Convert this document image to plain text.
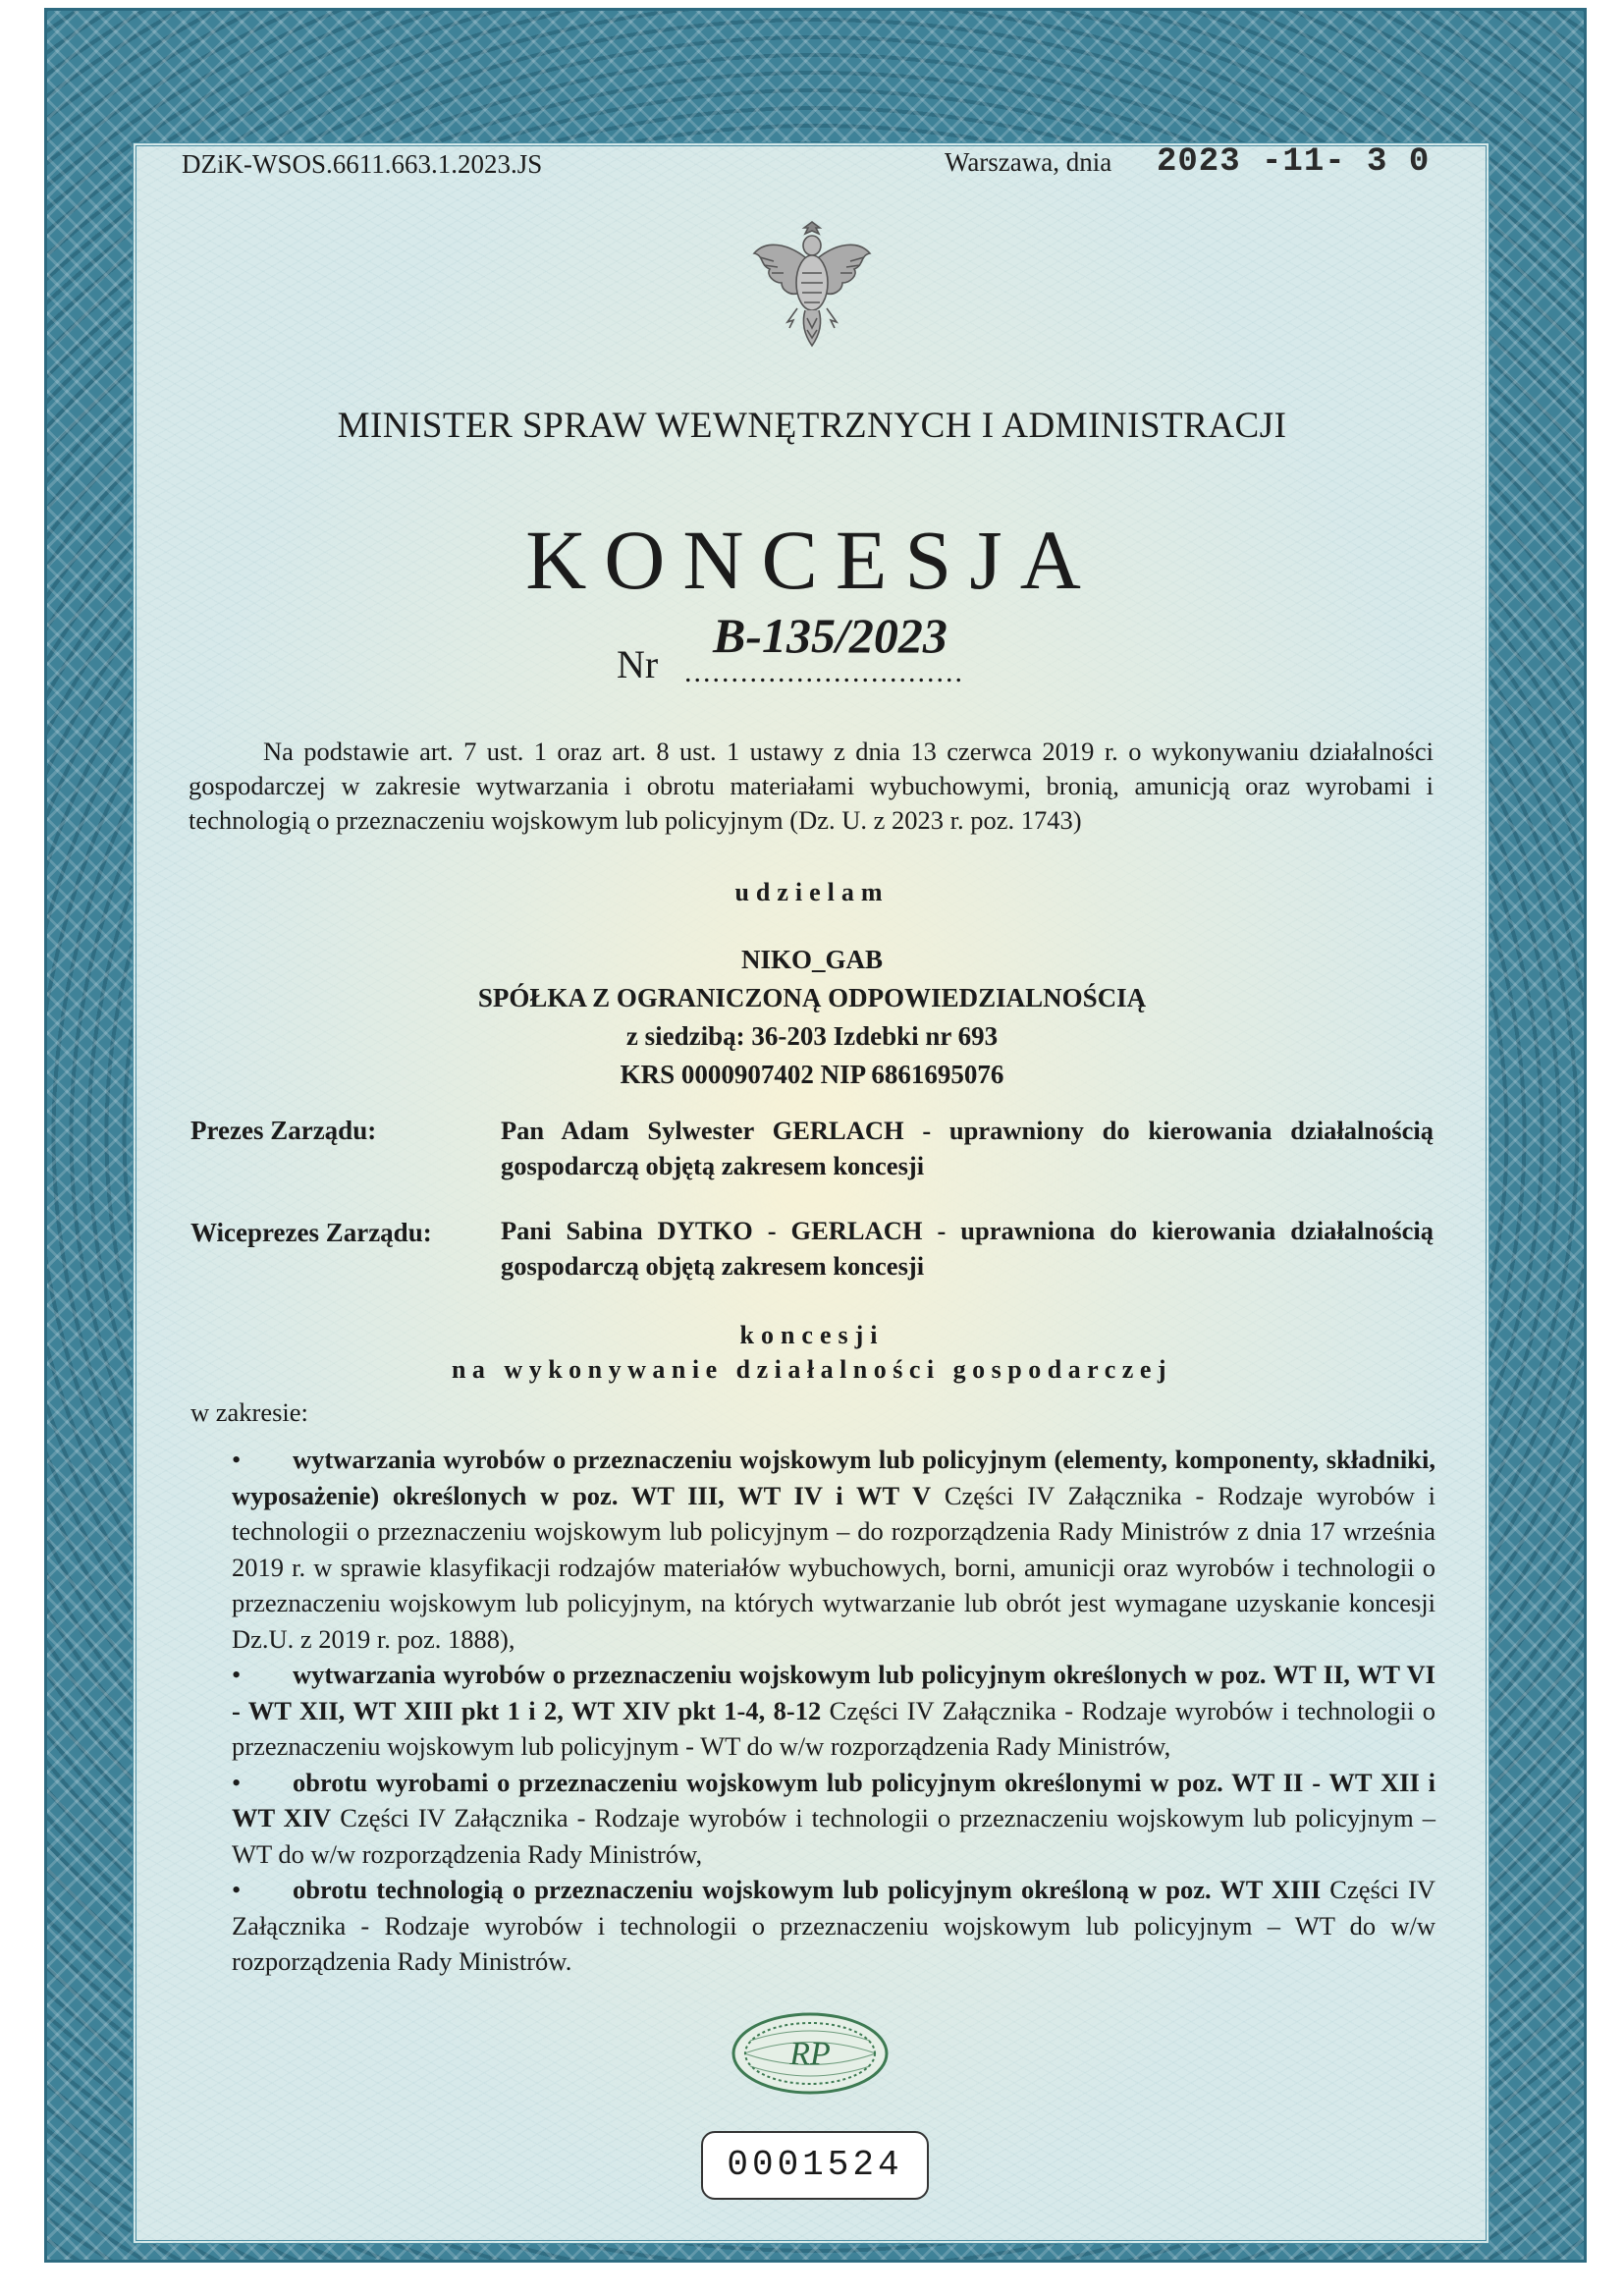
DZiK-WSOS.6611.663.1.2023.JS	Warszawa, dnia 2023 -11- 3 0
MINISTER SPRAW WEWNĘTRZNYCH I ADMINISTRACJI
KONCESJA
Nr ..............................
B-135/2023
Na podstawie art. 7 ust. 1 oraz art. 8 ust. 1 ustawy z dnia 13 czerwca 2019 r. o wykonywaniu działalności gospodarczej w zakresie wytwarzania i obrotu materiałami wybuchowymi, bronią, amunicją oraz wyrobami i technologią o przeznaczeniu wojskowym lub policyjnym (Dz. U. z 2023 r. poz. 1743)
udzielam
NIKO_GAB
SPÓŁKA Z OGRANICZONĄ ODPOWIEDZIALNOŚCIĄ
z siedzibą: 36-203 Izdebki nr 693
KRS 0000907402 NIP 6861695076
Prezes Zarządu:	Pan Adam Sylwester GERLACH - uprawniony do kierowania działalnością gospodarczą objętą zakresem koncesji
Wiceprezes Zarządu:	Pani Sabina DYTKO - GERLACH - uprawniona do kierowania działalnością gospodarczą objętą zakresem koncesji
koncesji
na wykonywanie działalności gospodarczej
w zakresie:
•	wytwarzania wyrobów o przeznaczeniu wojskowym lub policyjnym (elementy, komponenty, składniki, wyposażenie) określonych w poz. WT III, WT IV i WT V Części IV Załącznika - Rodzaje wyrobów i technologii o przeznaczeniu wojskowym lub policyjnym – do rozporządzenia Rady Ministrów z dnia 17 września 2019 r. w sprawie klasyfikacji rodzajów materiałów wybuchowych, borni, amunicji oraz wyrobów i technologii o przeznaczeniu wojskowym lub policyjnym, na których wytwarzanie lub obrót jest wymagane uzyskanie koncesji Dz.U. z 2019 r. poz. 1888),
•	wytwarzania wyrobów o przeznaczeniu wojskowym lub policyjnym określonych w poz. WT II, WT VI - WT XII, WT XIII pkt 1 i 2, WT XIV pkt 1-4, 8-12 Części IV Załącznika - Rodzaje wyrobów i technologii o przeznaczeniu wojskowym lub policyjnym - WT do w/w rozporządzenia Rady Ministrów,
•	obrotu wyrobami o przeznaczeniu wojskowym lub policyjnym określonymi w poz. WT II - WT XII i WT XIV Części IV Załącznika - Rodzaje wyrobów i technologii o przeznaczeniu wojskowym lub policyjnym – WT do w/w rozporządzenia Rady Ministrów,
•	obrotu technologią o przeznaczeniu wojskowym lub policyjnym określoną w poz. WT XIII Części IV Załącznika - Rodzaje wyrobów i technologii o przeznaczeniu wojskowym lub policyjnym – WT do w/w rozporządzenia Rady Ministrów.
RP
0001524
